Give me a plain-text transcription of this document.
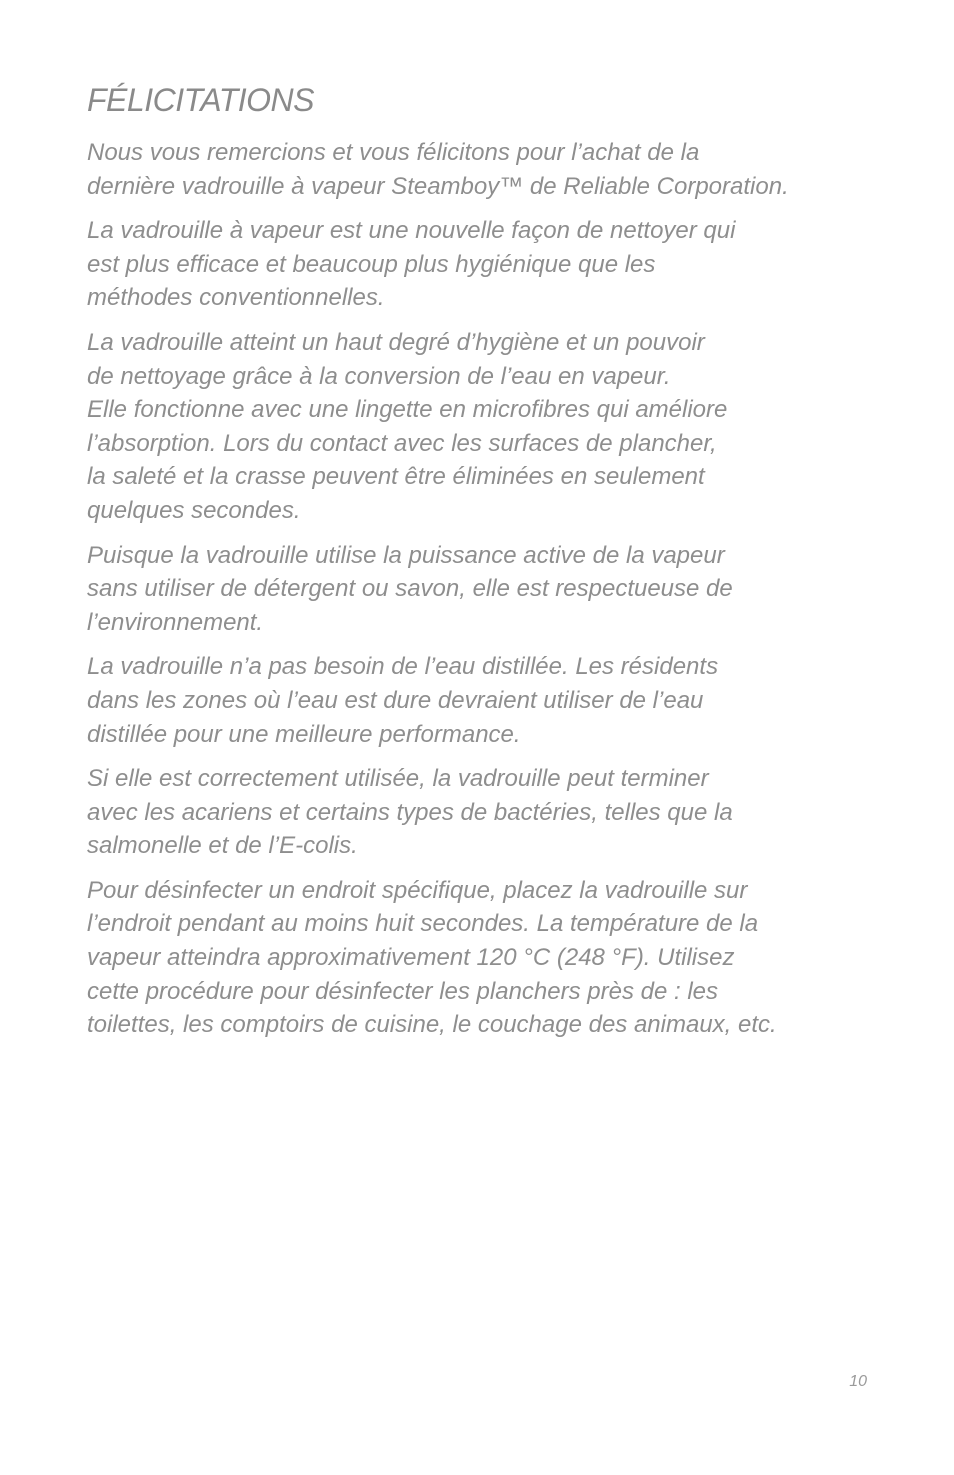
FÉLICITATIONS

Nous vous remercions et vous félicitons pour l’achat de la
dernière vadrouille à vapeur Steamboy™ de Reliable Corporation.

La vadrouille à vapeur est une nouvelle façon de nettoyer qui
est plus efficace et beaucoup plus hygiénique que les
méthodes conventionnelles.

La vadrouille atteint un haut degré d’hygiène et un pouvoir
de nettoyage grâce à la conversion de l’eau en vapeur.
Elle fonctionne avec une lingette en microfibres qui améliore
l’absorption. Lors du contact avec les surfaces de plancher,
la saleté et la crasse peuvent être éliminées en seulement
quelques secondes.

Puisque la vadrouille utilise la puissance active de la vapeur
sans utiliser de détergent ou savon, elle est respectueuse de
l’environnement.

La vadrouille n’a pas besoin de l’eau distillée. Les résidents
dans les zones où l’eau est dure devraient utiliser de l’eau
distillée pour une meilleure performance.

Si elle est correctement utilisée, la vadrouille peut terminer
avec les acariens et certains types de bactéries, telles que la
salmonelle et de l’E-colis.

Pour désinfecter un endroit spécifique, placez la vadrouille sur
l’endroit pendant au moins huit secondes. La température de la
vapeur atteindra approximativement 120 °C (248 °F). Utilisez
cette procédure pour désinfecter les planchers près de : les
toilettes, les comptoirs de cuisine, le couchage des animaux, etc.

10
